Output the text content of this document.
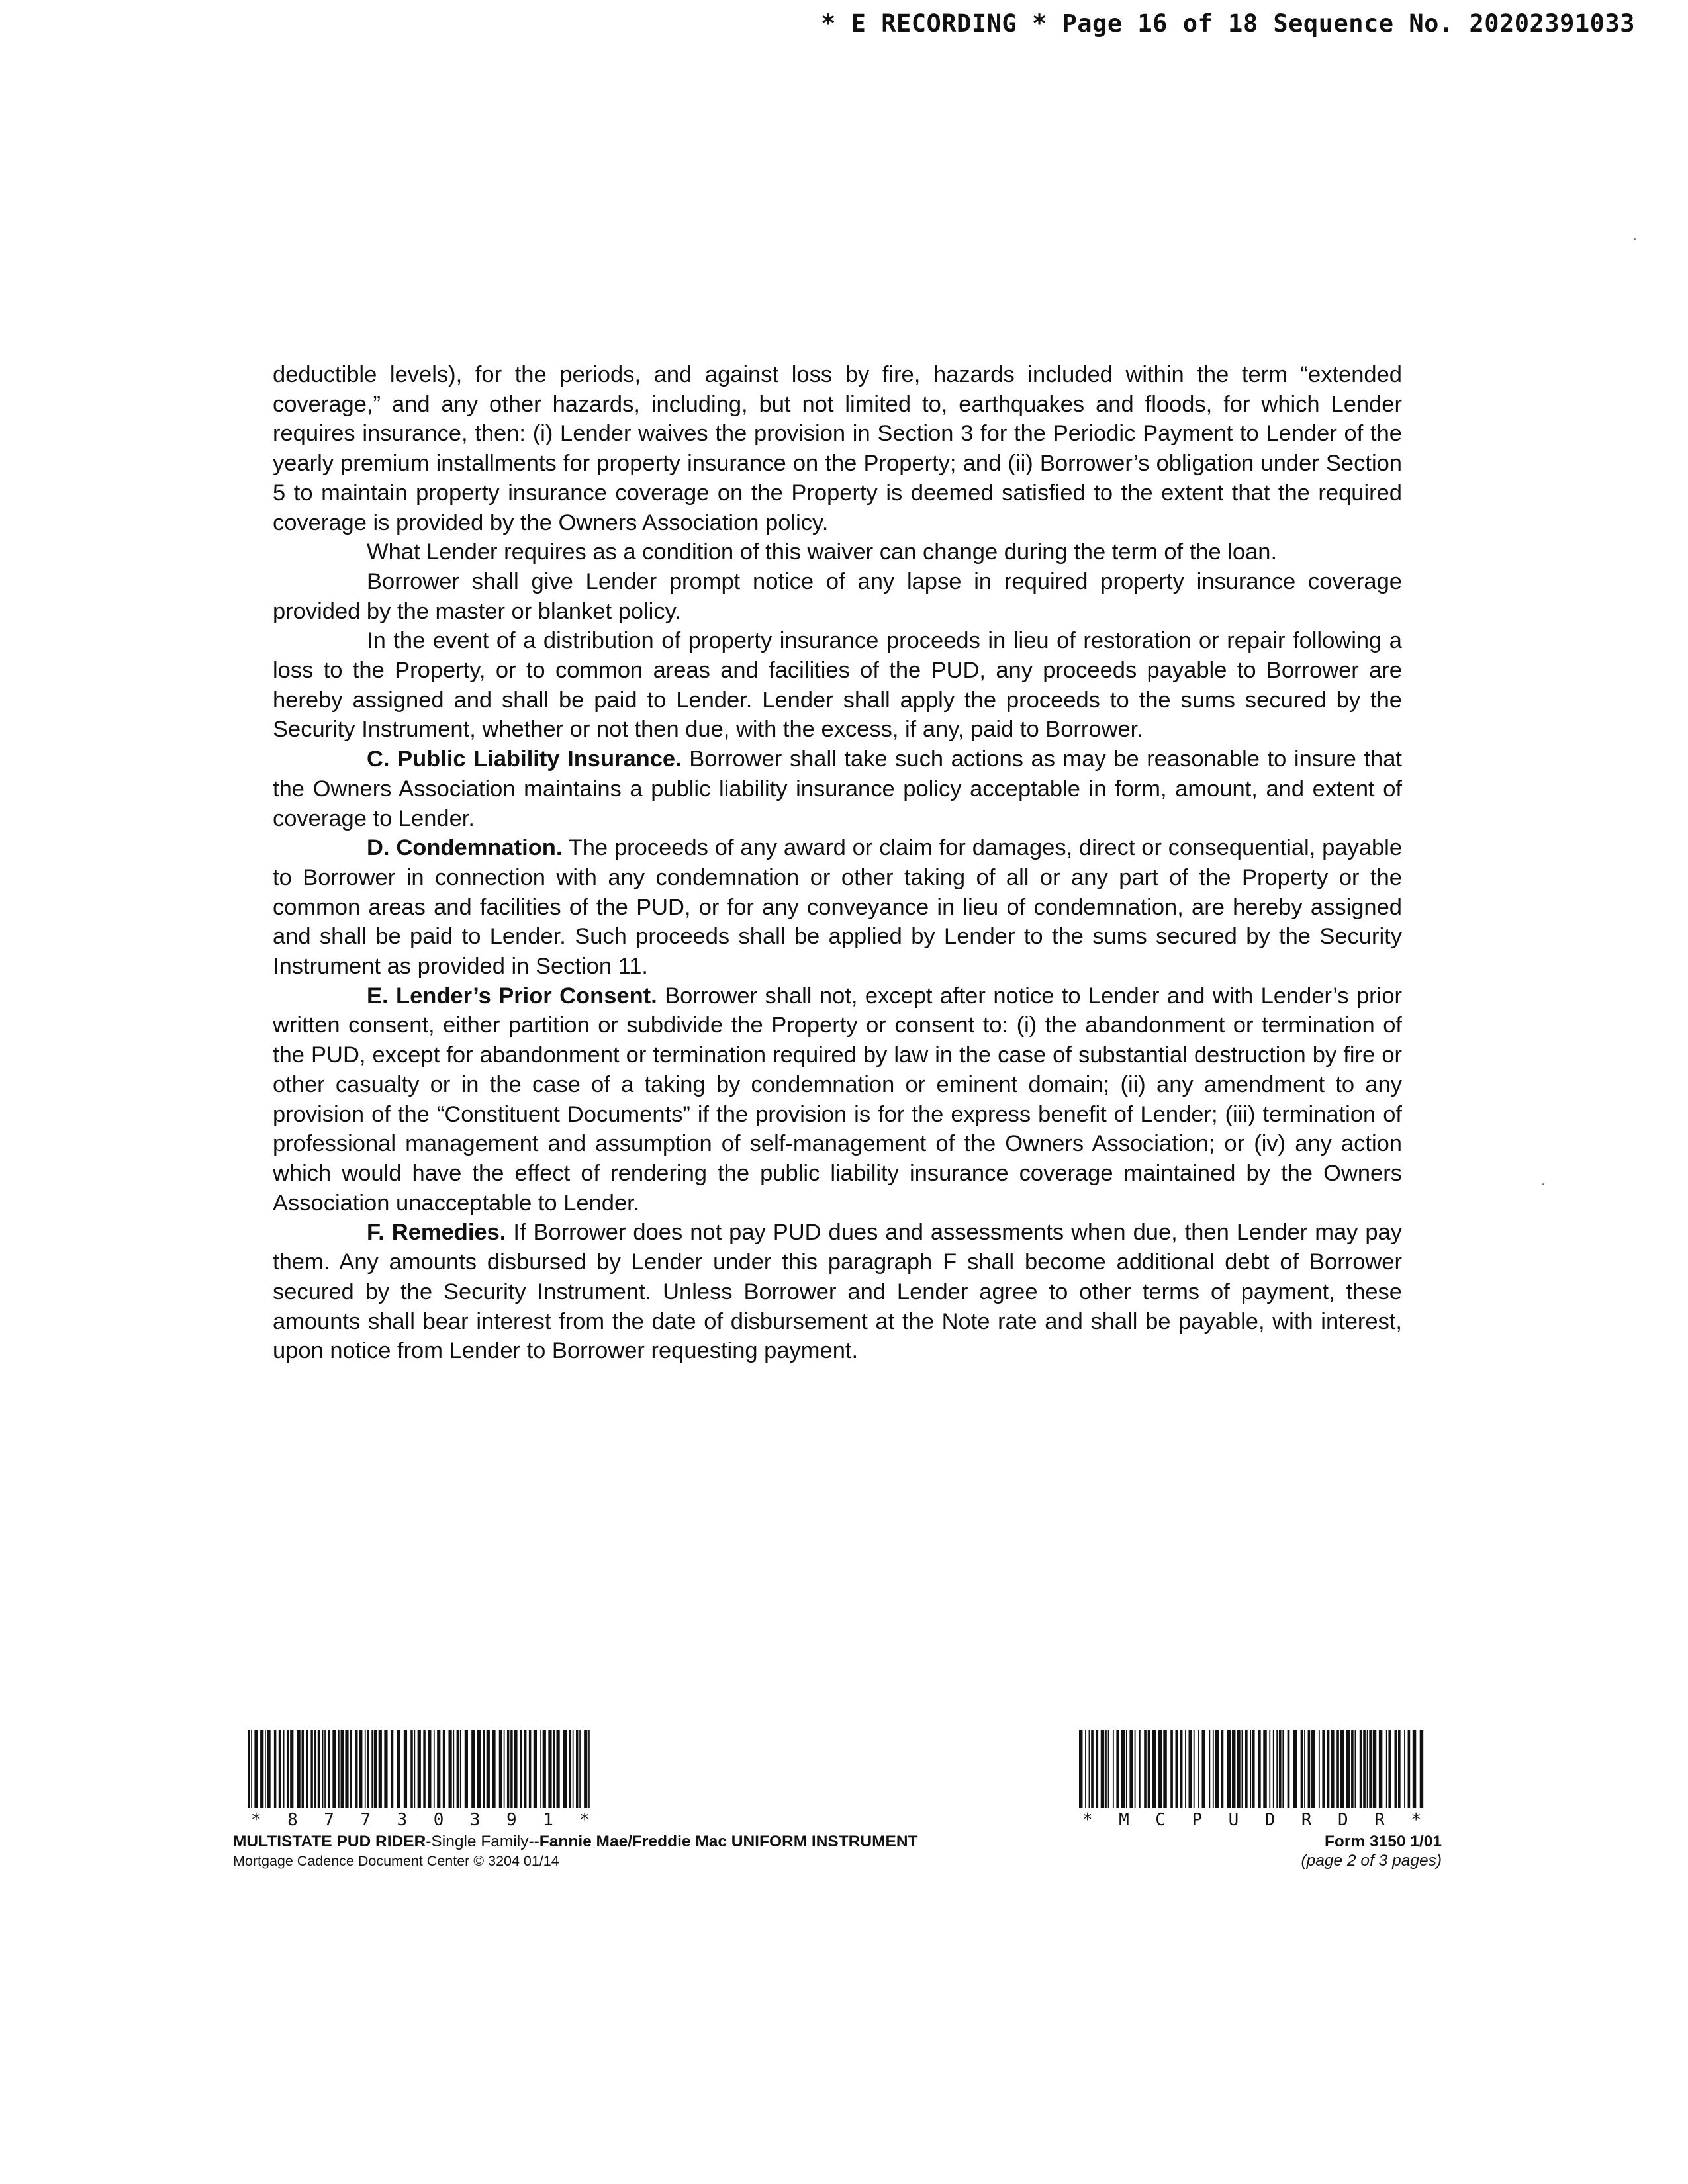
* E RECORDING * Page 16 of 18 Sequence No. 20202391033

deductible levels), for the periods, and against loss by fire, hazards included within the term “extended coverage,” and any other hazards, including, but not limited to, earthquakes and floods, for which Lender requires insurance, then: (i) Lender waives the provision in Section 3 for the Periodic Payment to Lender of the yearly premium installments for property insurance on the Property; and (ii) Borrower’s obligation under Section 5 to maintain property insurance coverage on the Property is deemed satisfied to the extent that the required coverage is provided by the Owners Association policy.

What Lender requires as a condition of this waiver can change during the term of the loan.

Borrower shall give Lender prompt notice of any lapse in required property insurance coverage provided by the master or blanket policy.

In the event of a distribution of property insurance proceeds in lieu of restoration or repair following a loss to the Property, or to common areas and facilities of the PUD, any proceeds payable to Borrower are hereby assigned and shall be paid to Lender. Lender shall apply the proceeds to the sums secured by the Security Instrument, whether or not then due, with the excess, if any, paid to Borrower.

C. Public Liability Insurance. Borrower shall take such actions as may be reasonable to insure that the Owners Association maintains a public liability insurance policy acceptable in form, amount, and extent of coverage to Lender.

D. Condemnation. The proceeds of any award or claim for damages, direct or consequential, payable to Borrower in connection with any condemnation or other taking of all or any part of the Property or the common areas and facilities of the PUD, or for any conveyance in lieu of condemnation, are hereby assigned and shall be paid to Lender. Such proceeds shall be applied by Lender to the sums secured by the Security Instrument as provided in Section 11.

E. Lender’s Prior Consent. Borrower shall not, except after notice to Lender and with Lender’s prior written consent, either partition or subdivide the Property or consent to: (i) the abandonment or termination of the PUD, except for abandonment or termination required by law in the case of substantial destruction by fire or other casualty or in the case of a taking by condemnation or eminent domain; (ii) any amendment to any provision of the “Constituent Documents” if the provision is for the express benefit of Lender; (iii) termination of professional management and assumption of self-management of the Owners Association; or (iv) any action which would have the effect of rendering the public liability insurance coverage maintained by the Owners Association unacceptable to Lender.

F. Remedies. If Borrower does not pay PUD dues and assessments when due, then Lender may pay them. Any amounts disbursed by Lender under this paragraph F shall become additional debt of Borrower secured by the Security Instrument. Unless Borrower and Lender agree to other terms of payment, these amounts shall bear interest from the date of disbursement at the Note rate and shall be payable, with interest, upon notice from Lender to Borrower requesting payment.

*87730391*	*MCPUDRDR*
MULTISTATE PUD RIDER-Single Family--Fannie Mae/Freddie Mac UNIFORM INSTRUMENT
Mortgage Cadence Document Center © 3204 01/14
Form 3150 1/01
(page 2 of 3 pages)
